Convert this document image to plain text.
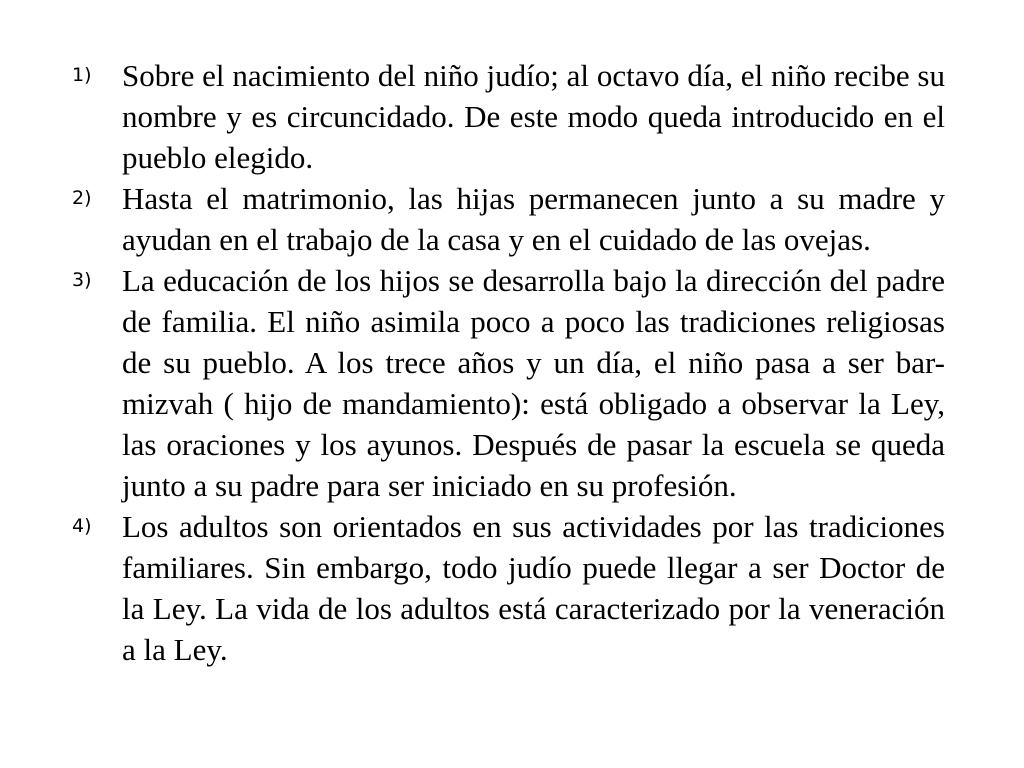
1) Sobre el nacimiento del niño judío; al octavo día, el niño recibe su nombre y es circuncidado. De este modo queda introducido en el pueblo elegido.
2) Hasta el matrimonio, las hijas permanecen junto a su madre y ayudan en el trabajo de la casa y en el cuidado de las ovejas.
3) La educación de los hijos se desarrolla bajo la dirección del padre de familia. El niño asimila poco a poco las tradiciones religiosas de su pueblo. A los trece años y un día, el niño pasa a ser bar-mizvah ( hijo de mandamiento): está obligado a observar la Ley, las oraciones y los ayunos. Después de pasar la escuela se queda junto a su padre para ser iniciado en su profesión.
4) Los adultos son orientados en sus actividades por las tradiciones familiares. Sin embargo, todo judío puede llegar a ser Doctor de la Ley. La vida de los adultos está caracterizado por la veneración a la Ley.
